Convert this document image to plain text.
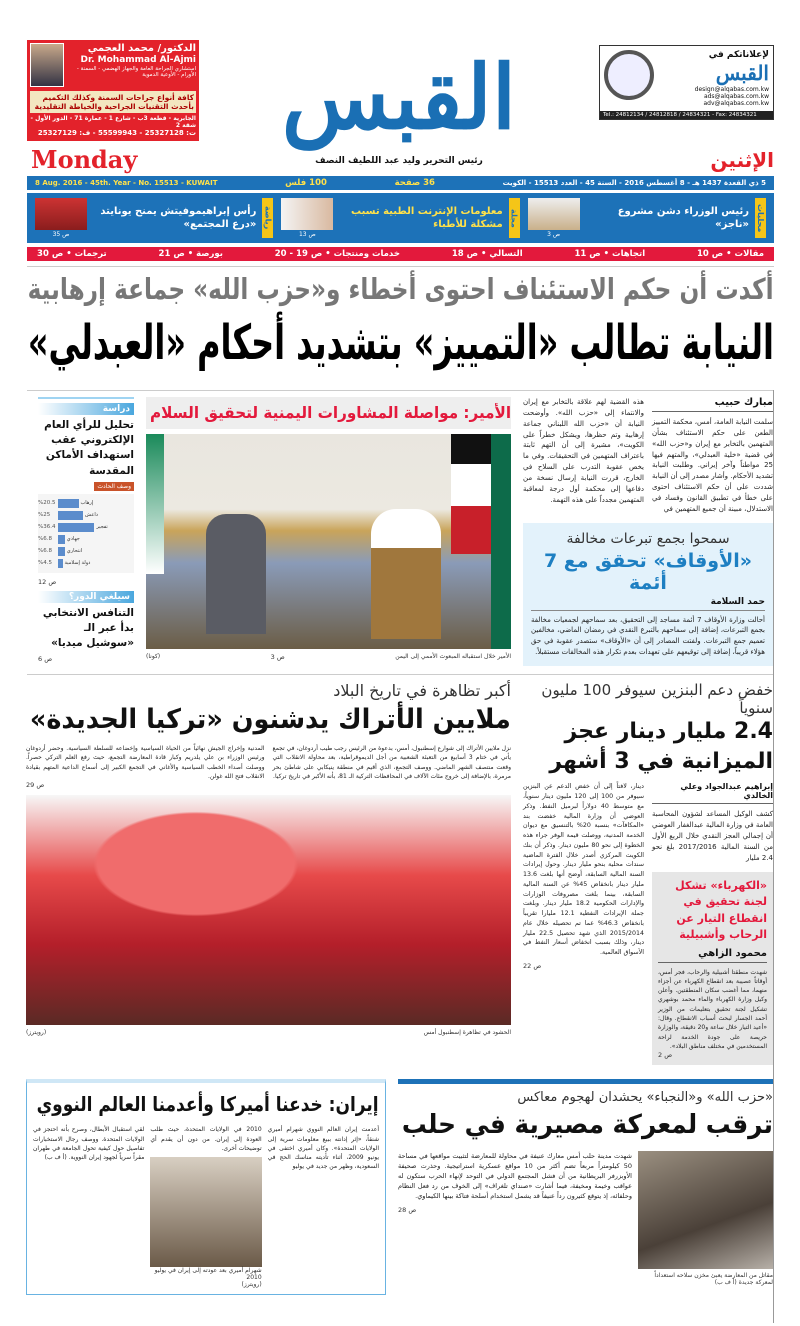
الدكتور/ محمد العجمي
Dr. Mohammad Al-Ajmi
استشاري الجراحة العامة والجهاز الهضمي - السمنة - الأورام - الأوعية الدموية
كافة أنواع جراحات السمنة وكذلك التكميم
بأحدث التقنيات الجراحية والخياطة التقليدية
الجابرية - قطعة 3ب - شارع 1 - عمارة 71 - الدور الأول - شقة 2
ت: 25327128 - 55599943 - ف: 25327129 القبس	لإعلاناتكم في
القبس
design@alqabas.com.kw
ads@alqabas.com.kw
adv@alqabas.com.kw
Tel.: 24812134 / 24812818 / 24834321 - Fax: 24834321
رئيس التحرير وليد عبد اللطيف النصف
Monday	الإثنين
5 ذي القعدة 1437 هـ - 8 أغسطس 2016 - السنة 45 - العدد 15513 - الكويت
36 صفحة
100 فلس
8 Aug. 2016 - 45th. Year - No. 15513 - KUWAIT
محليات
رئيس الوزراء دشن مشروع «ناجز»
ص 3
مجلة
معلومات الإنترنت الطبية تسبب مشكلة للأطباء
ص 13
رياضة
رأس إبراهيموفيتش يمنح يونايتد «درع المجتمع»
ص 35
مقالات • ص 10
اتجاهات • ص 11
التسالي • ص 18
خدمات ومنتجات • ص 19 - 20
بورصة • ص 21
ترجمات • ص 30
أكدت أن حكم الاستئناف احتوى أخطاء و«حزب الله» جماعة إرهابية
النيابة تطالب «التمييز» بتشديد أحكام «العبدلي»
مبارك حبيب

سلمت النيابة العامة، أمس، محكمة التمييز الطعن على حكم الاستئناف بشأن المتهمين بالتخابر مع إيران و«حزب الله» في قضية «خلية العبدلي»، والمتهم فيها 25 مواطناً وآخر إيراني. وطلبت النيابة تشديد الأحكام. وأشار مصدر إلى أن النيابة شددت على أن حكم الاستئناف احتوى على خطأ في تطبيق القانون وفساد في الاستدلال، مبينة أن جميع المتهمين في

هذه القضية لهم علاقة بالتخابر مع إيران والانتماء إلى «حزب الله». وأوضحت النيابة أن «حزب الله اللبناني جماعة إرهابية وتم حظرها، ويشكل خطراً على الكويت»، مشيرة إلى أن التهم ثابتة باعتراف المتهمين في التحقيقات. وفي ما يخص عقوبة التدرب على السلاح في الخارج، قررت النيابة إرسال نسخة من دفاعها إلى محكمة أول درجة لمعاقبة المتهمين مجدداً على هذه التهمة.

سمحوا بجمع تبرعات مخالفة
«الأوقاف» تحقق مع 7 أئمة
حمد السلامة

أحالت وزارة الأوقاف 7 أئمة مساجد إلى التحقيق، بعد سماحهم لجمعيات مخالفة بجمع التبرعات، إضافة إلى سماحهم بالتبرع النقدي في رمضان الماضي، مخالفين تعميم جمع التبرعات. ولفتت المصادر إلى أن «الأوقاف» ستصدر عقوبة في حق هؤلاء قريباً، إضافة إلى توقيعهم على تعهدات بعدم تكرار هذه المخالفات مستقبلاً.

الأمير: مواصلة المشاورات اليمنية لتحقيق السلام
الأمير خلال استقباله المبعوث الأممي إلى اليمن
ص 3
(كونا)
دراسة
تحليل للرأي العام الإلكتروني عقب استهداف الأماكن المقدسة
وصف الحادث
%20.5	إرهاب
%25	داعش
%36.4	تفجير
%6.8	جهادي
%6.8	انتحاري
%4.5	دولة إسلامية
ص 12
سيلغي الدور؟
التنافس الانتخابي بدأ عبر الـ «سوشيل ميديا»
ص 6
خفض دعم البنزين سيوفر 100 مليون سنوياً
2.4 مليار دينار عجز الميزانية في 3 أشهر
إبراهيم عبدالجواد وعلي الخالدي

كشف الوكيل المساعد لشؤون المحاسبة العامة في وزارة المالية عبدالغفار العوضي أن إجمالي العجز النقدي خلال الربع الأول من السنة المالية 2017/2016 بلغ نحو 2.4 مليار

«الكهرباء» تشكل لجنة تحقيق في انقطاع التيار عن الرحاب وأشبيلية
محمود الزاهي

شهدت منطقتا أشبيلية والرحاب، فجر أمس، أوقاتاً عصيبة بعد انقطاع الكهرباء عن أجزاء منهما، مما أغضب سكان المنطقتين. وأعلن وكيل وزارة الكهرباء والماء محمد بوشهري تشكيل لجنة تحقيق بتعليمات من الوزير أحمد الجسار لبحث أسباب الانقطاع. وقال: «أعيد التيار خلال ساعة و20 دقيقة، والوزارة حريصة على جودة الخدمة لراحة المستخدمين في مختلف مناطق البلاد».

ص 2

دينار، لافتاً إلى أن خفض الدعم عن البنزين سيوفر من 100 إلى 120 مليون دينار سنوياً، مع متوسط 40 دولاراً لبرميل النفط. وذكر العوضي أن وزارة المالية خفضت بند «المكافآت» بنسبة 20% بالتنسيق مع ديوان الخدمة المدنية، ووصلت قيمة الوفر جراء هذه الخطوة إلى نحو 80 مليون دينار. وذكر أن بنك الكويت المركزي أصدر خلال الفترة الماضية سندات محلية بنحو مليار دينار. وحول إيرادات السنة المالية السابقة، أوضح أنها بلغت 13.6 مليار دينار بانخفاض 45% عن السنة المالية السابقة، بينما بلغت مصروفات الوزارات والإدارات الحكومية 18.2 مليار دينار. وبلغت جملة الإيرادات النفطية 12.1 مليارا تقريباً بانخفاض 46.3% عما تم تحصيله خلال عام 2015/2014 الذي شهد تحصيل 22.5 مليار دينار، وذلك بسبب انخفاض أسعار النفط في الأسواق العالمية.

ص 22
أكبر تظاهرة في تاريخ البلاد
ملايين الأتراك يدشنون «تركيا الجديدة»

نزل ملايين الأتراك إلى شوارع إسطنبول، أمس، بدعوة من الرئيس رجب طيب أردوغان، في تجمع يأتي في ختام 3 أسابيع من التعبئة الشعبية من أجل الديموقراطية، بعد محاولة الانقلاب التي وقعت منتصف الشهر الماضي. ووصف التجمع، الذي أقيم في منطقة ينيكابي على شاطئ بحر مرمرة، بالإضافة إلى خروج مئات الآلاف في المحافظات التركية الـ 81، بأنه الأكبر في تاريخ تركيا.

المدنية وإخراج الجيش نهائياً من الحياة السياسية وإخضاعه للسلطة السياسية. وحضر أردوغان ورئيس الوزراء بن علي يلدريم وكبار قادة المعارضة التجمع، حيث رفع العلم التركي حصراً. ووصلت أصداء الخطب السياسية والأغاني في التجمع الكبير إلى أسماع الداعية المتهم بقيادة الانقلاب فتح الله غولن.

ص 29
الحشود في تظاهرة إسطنبول أمس
(رويترز)
«حزب الله» و«النجباء» يحشدان لهجوم معاكس
ترقب لمعركة مصيرية في حلب
مقاتل من المعارضة يعبئ مخزن سلاحه استعداداً لمعركة جديدة (أ ف ب)

شهدت مدينة حلب أمس معارك عنيفة في محاولة للمعارضة لتثبيت مواقعها في مساحة 50 كيلومتراً مربعاً تضم أكثر من 10 مواقع عسكرية استراتيجية. وحذرت صحيفة الأوبزرفر البريطانية من أن فشل المجتمع الدولي في التوحد لإنهاء الحرب ستكون له عواقب وخيمة ومخيفة، فيما أشارت «صنداي تلغراف» إلى الخوف من رد فعل النظام وحلفائه، إذ يتوقع كثيرون رداً عنيفاً قد يشمل استخدام أسلحة فتاكة بينها الكيماوي.

ص 28
إيران: خدعنا أميركا وأعدمنا العالم النووي

أعدمت إيران العالم النووي شهرام أميري شنقاً، «إثر إدانته ببيع معلومات سرية إلى الولايات المتحدة». وكان أميري اختفى في يونيو 2009، أثناء تأديته مناسك الحج في السعودية، وظهر من جديد في يوليو

2010 في الولايات المتحدة، حيث طلب العودة إلى إيران. من دون أن يقدم أي توضيحات أخرى.

شهرام أميري بعد عودته إلى إيران في يوليو 2010
(رويترز)

لقي استقبال الأبطال، وصرح بأنه احتجز في الولايات المتحدة. ووصف رجال الاستخبارات تفاصيل حول كيفية تحول الجامعة في طهران مقراً سرياً لجهود إيران النووية. (أ ف ب)
